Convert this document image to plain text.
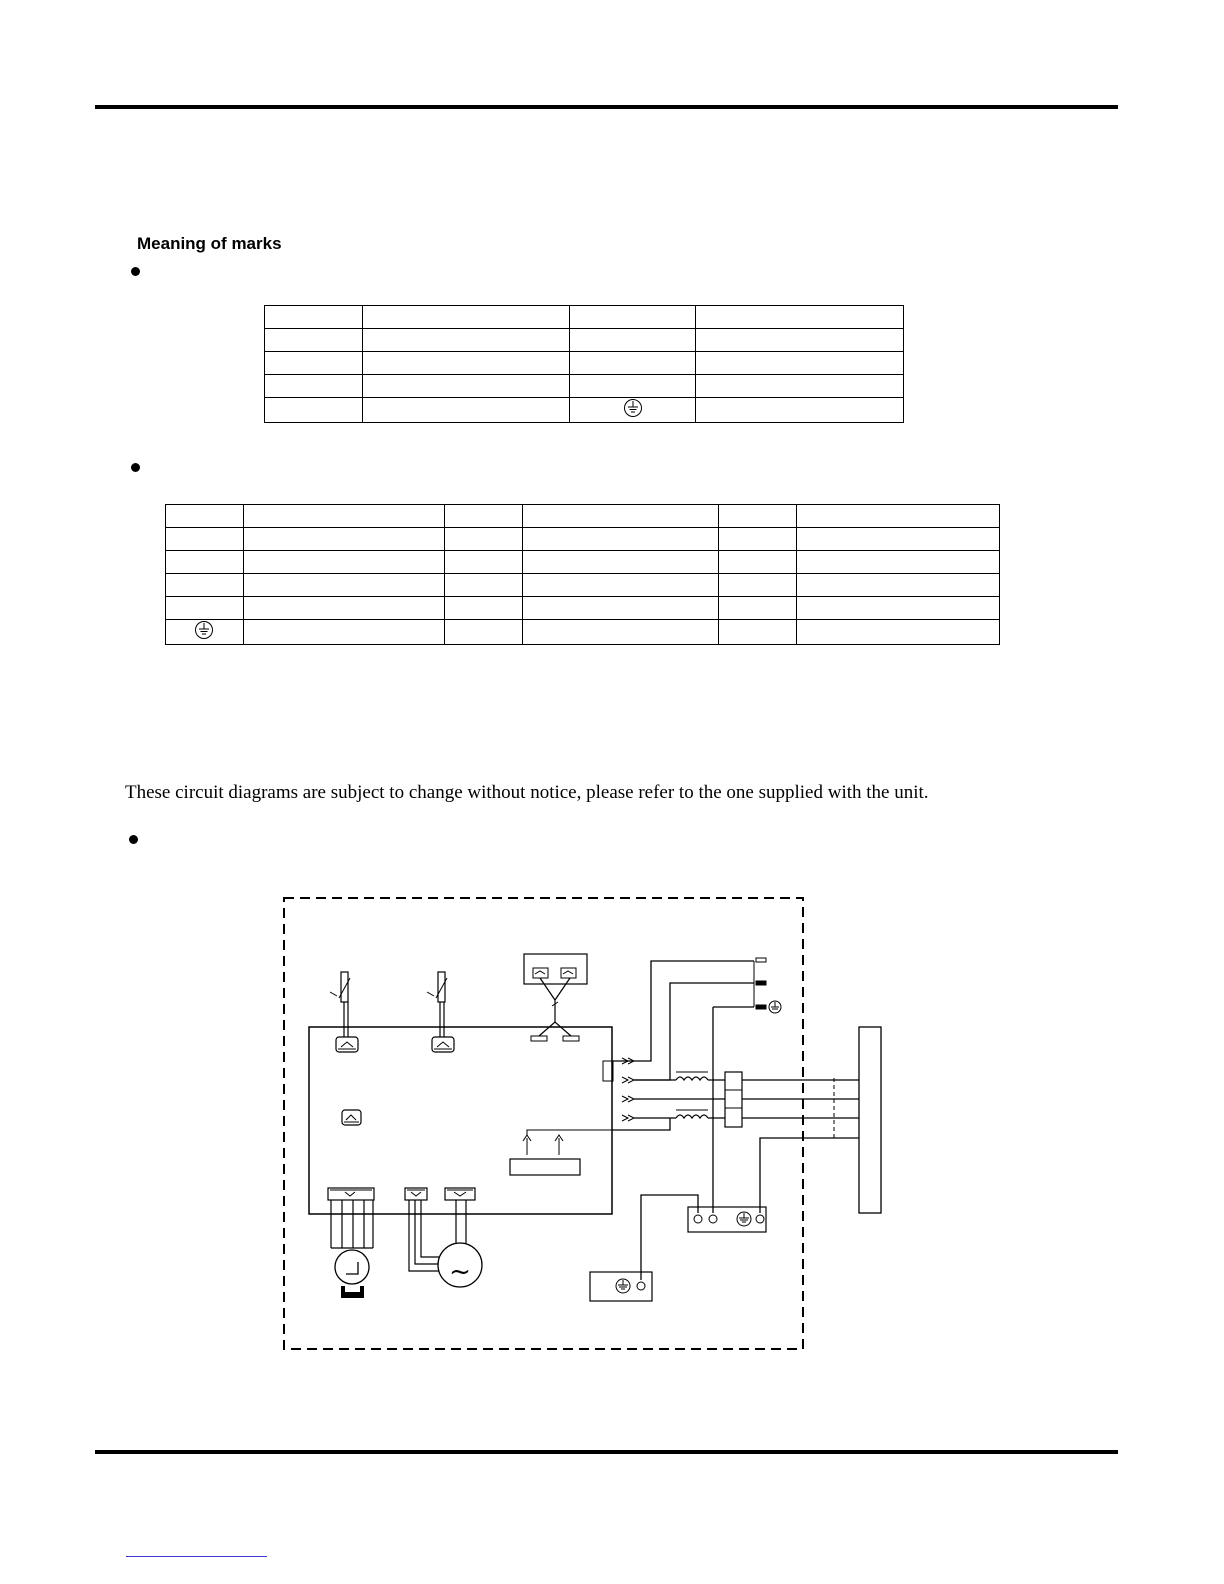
Meaning of marks

These circuit diagrams are subject to change without notice, please refer to the one supplied with the unit.
~
